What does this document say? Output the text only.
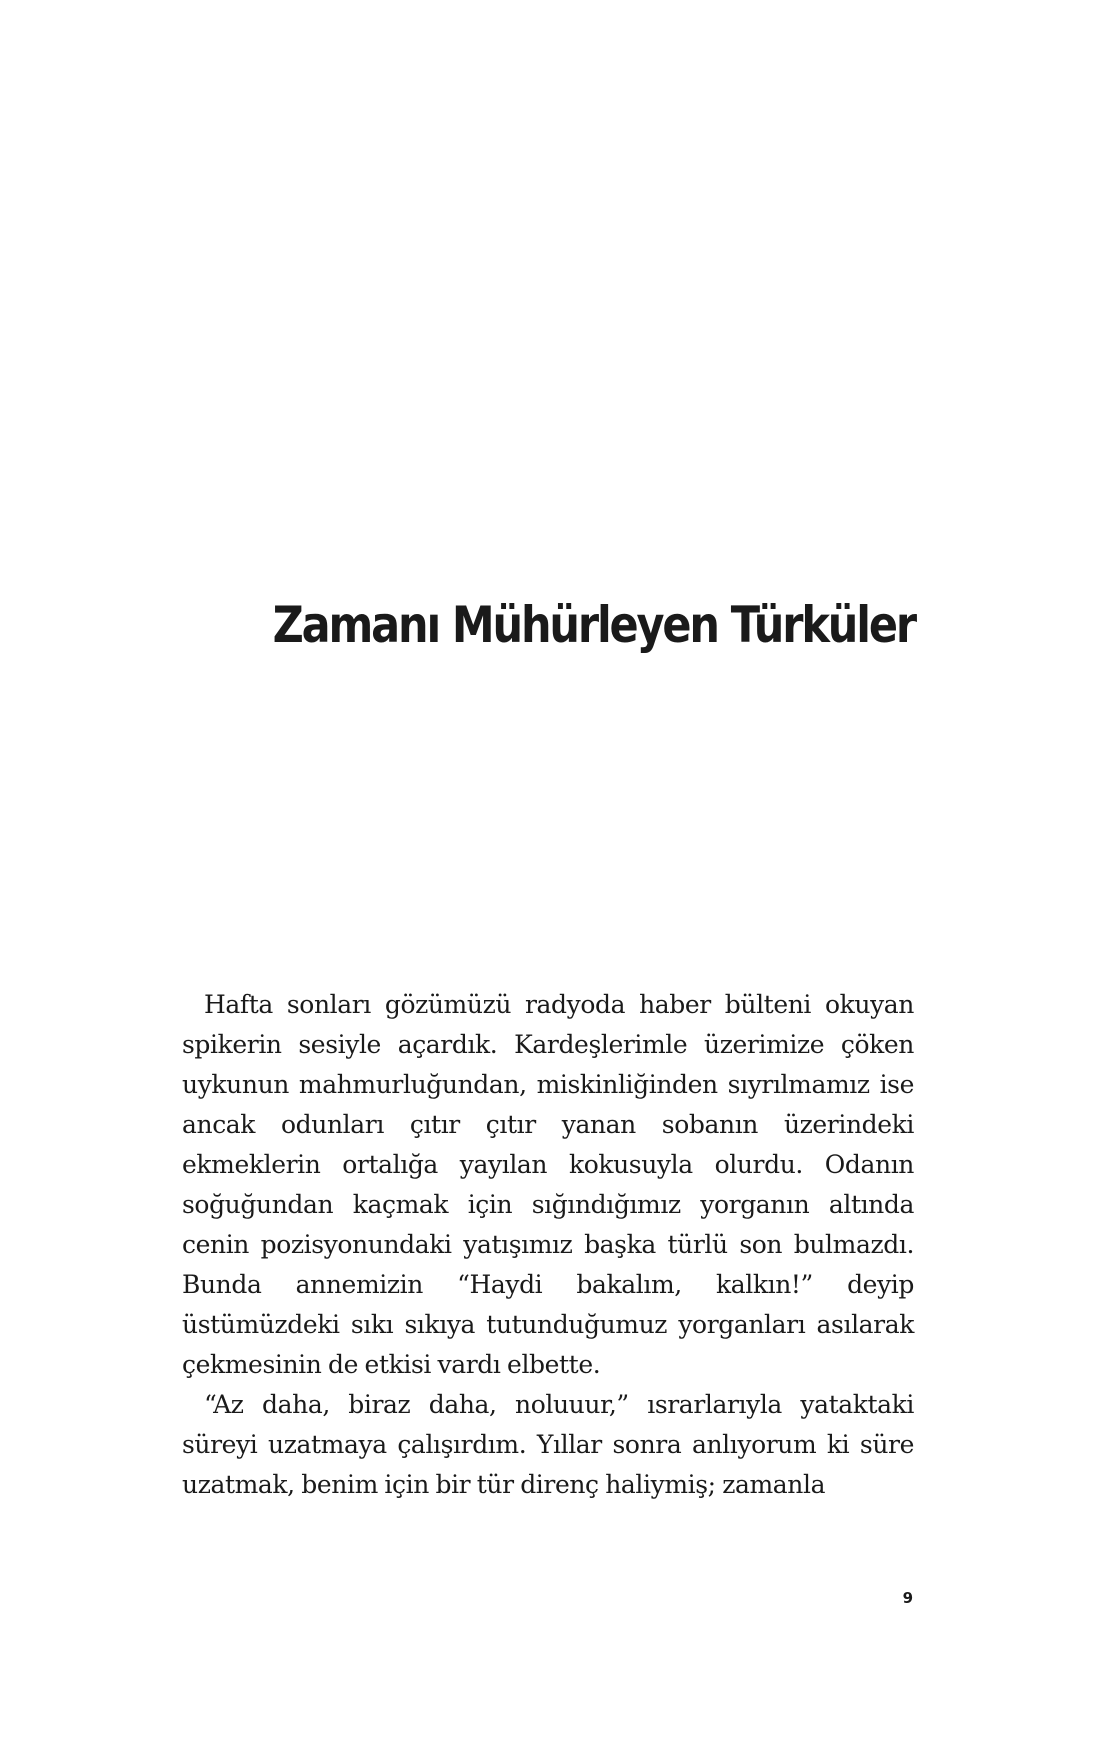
Zamanı Mühürleyen Türküler

Hafta sonları gözümüzü radyoda haber bülteni okuyan spikerin sesiyle açardık. Kardeşlerimle üzerimize çöken uykunun mahmurluğundan, miskinliğinden sıyrılmamız ise ancak odunları çıtır çıtır yanan sobanın üzerindeki ekmeklerin ortalığa yayılan kokusuyla olurdu. Odanın soğuğundan kaçmak için sığındığımız yorganın altında cenin pozisyonundaki yatışımız başka türlü son bulmazdı. Bunda annemizin “Haydi bakalım, kalkın!” deyip üstümüzdeki sıkı sıkıya tutunduğumuz yorganları asılarak çekmesinin de etkisi vardı elbette.

“Az daha, biraz daha, noluuur,” ısrarlarıyla yataktaki süreyi uzatmaya çalışırdım. Yıllar sonra anlıyorum ki süre uzatmak, benim için bir tür direnç haliymiş; zamanla

9
